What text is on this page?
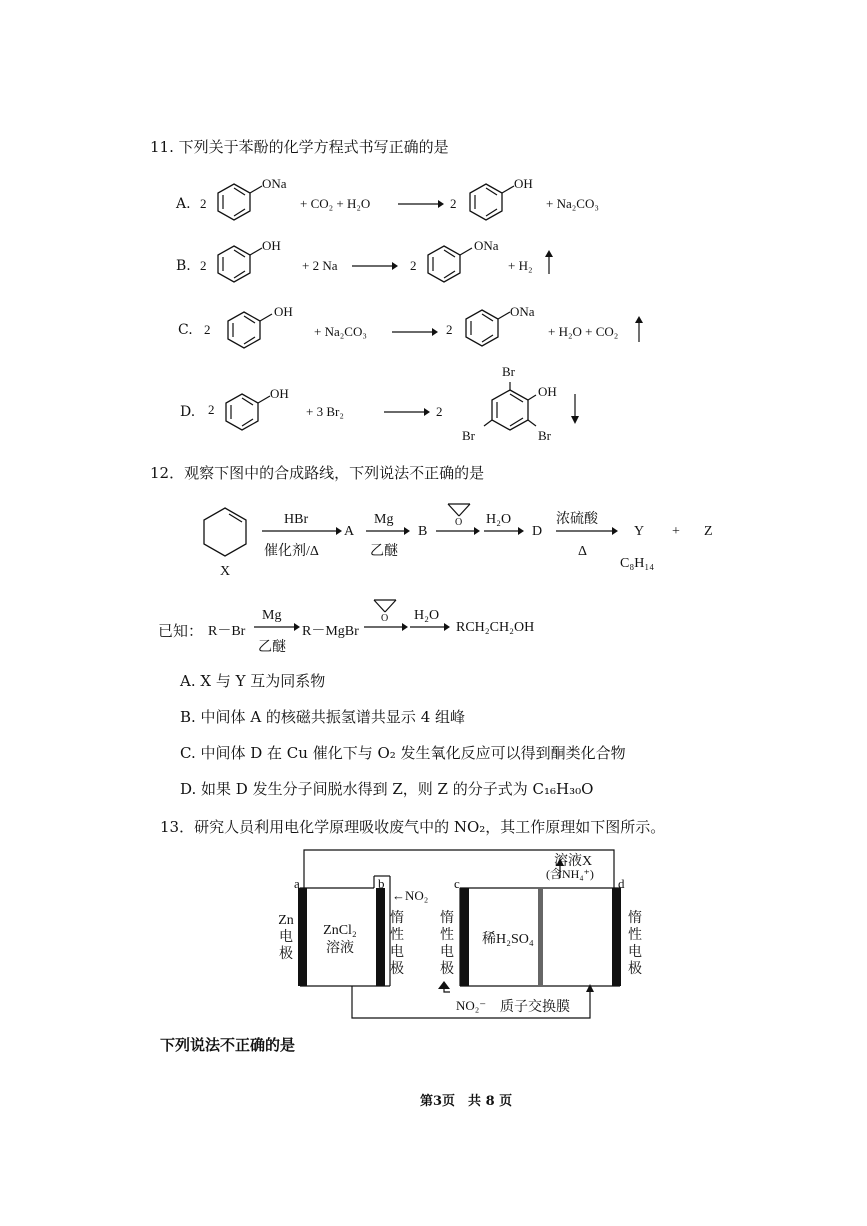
11. 下列关于苯酚的化学方程式书写正确的是
A. 2
ONa
+ CO₂ + H₂O → 2
OH
+ Na₂CO₃
B. 2
OH
+ 2 Na → 2
ONa
+ H₂
C. 2
OH
+ Na₂CO₃ → 2
ONa
+ H₂O + CO₂
D. 2
OH
+ 3 Br₂	→ 2
Br
OH
Br	Br
12．观察下图中的合成路线，下列说法不正确的是
X
HBr
催化剂/Δ
A
Mg
乙醚
B
O H₂O
→ D
浓硫酸
Δ
Y + Z
C₈H₁₄
已知： R－Br
Mg
乙醚
R－MgBr
O H₂O
→ RCH₂CH₂OH
A. X 与 Y 互为同系物
B. 中间体 A 的核磁共振氢谱共显示 4 组峰
C. 中间体 D 在 Cu 催化下与 O₂ 发生氧化反应可以得到酮类化合物
D. 如果 D 发生分子间脱水得到 Z，则 Z 的分子式为 C₁₆H₃₀O
13．研究人员利用电化学原理吸收废气中的 NO₂，其工作原理如下图所示。
溶液X
(含NH₄⁺)
a	b	c	d
←NO₂
Zn
电
极
ZnCl₂
溶液
惰
性
电
极
惰
性
电
极
稀H₂SO₄
惰
性
电
极
NO₂⁻ 质子交换膜
下列说法不正确的是
第3页　共 8 页
